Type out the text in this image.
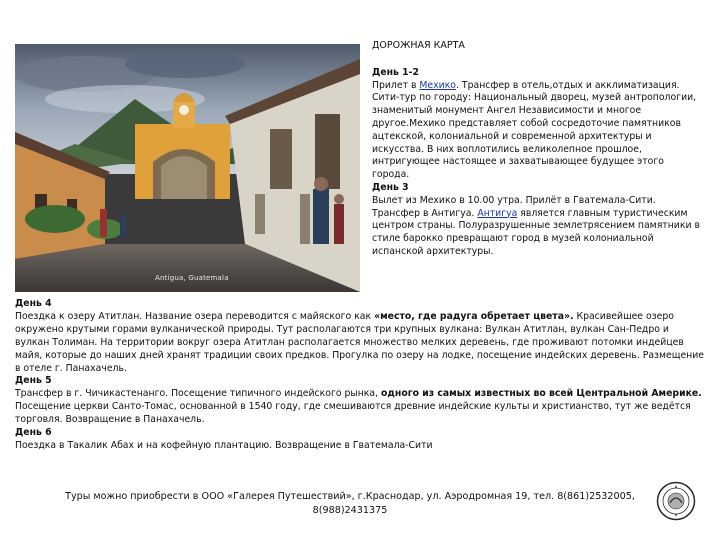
Antigua, Guatemala
ДОРОЖНАЯ КАРТА
День 1-2
Прилет в Мехико. Трансфер в отель,отдых и акклиматизация. Сити-тур по городу: Национальный дворец, музей антропологии, знаменитый монумент Ангел Независимости и многое другое.Мехико представляет собой сосредоточие памятников ацтекской, колониальной и современной архитектуры и искусства. В них воплотились великолепное прошлое, интригующее настоящее и захватывающее будущее этого города.
День 3
Вылет из Мехико в 10.00 утра. Прилёт в Гватемала-Сити. Трансфер в Антигуа. Антигуа является главным туристическим центром страны. Полуразрушенные землетрясением памятники в стиле барокко превращают город в музей колониальной испанской архитектуры.
День 4
Поездка к озеру Атитлан. Название озера переводится с майяского как «место, где радуга обретает цвета». Красивейшее озеро окружено крутыми горами вулканической природы. Тут располагаются три крупных вулкана: Вулкан Атитлан, вулкан Сан-Педро и вулкан Толиман. На территории вокруг озера Атитлан располагается множество мелких деревень, где проживают потомки индейцев майя, которые до наших дней хранят традиции своих предков. Прогулка по озеру на лодке, посещение индейских деревень. Размещение в отеле г. Панахачель.
День 5
Трансфер в г. Чичикастенанго. Посещение типичного индейского рынка, одного из самых известных во всей Центральной Америке. Посещение церкви Санто-Томас, основанной в 1540 году, где смешиваются древние индейские культы и христианство, тут же ведётся торговля. Возвращение в Панахачель.
День 6
Поездка в Такалик Абах и на кофейную плантацию. Возвращение в Гватемала-Сити
Туры можно приобрести в ООО «Галерея Путешествий», г.Краснодар, ул. Аэродромная 19, тел. 8(861)2532005,
8(988)2431375
